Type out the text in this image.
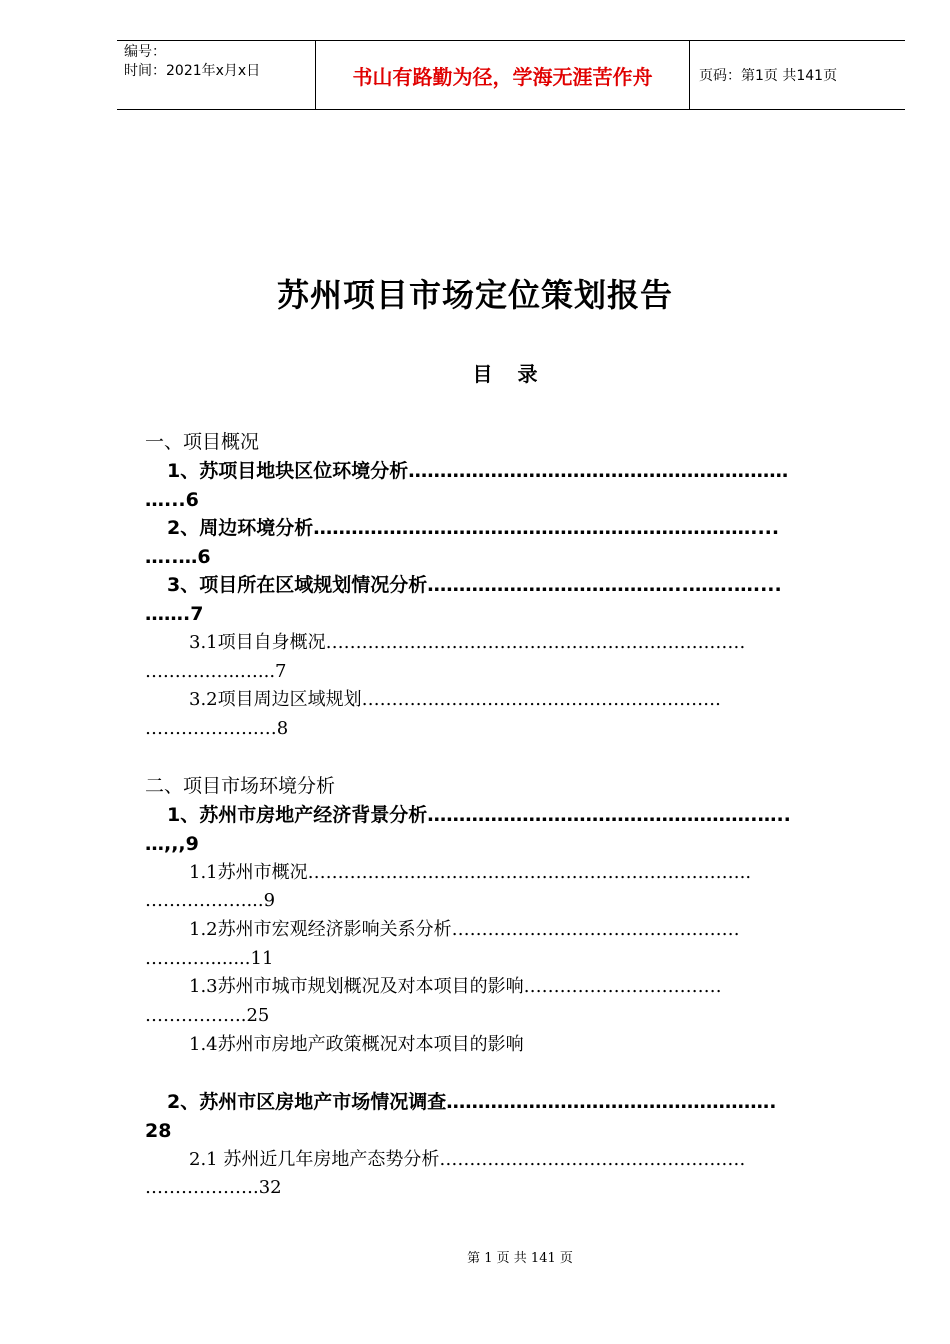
编号：
时间：2021年x月x日	书山有路勤为径，学海无涯苦作舟	页码：第1页 共141页
苏州项目市场定位策划报告
目 录
一、项目概况
1、苏项目地块区位环境分析……………………………………………………
…...6
2、周边环境分析……………………………………………………………....
…..…6
3、项目所在区域规划情况分析…………………………………..…….…....
…….7
3.1项目自身概况……………………………………………………….……
….…….…..…...7
3.2项目周边区域规划………….…….………………………………….
……………….…8
二、项目市场环境分析
1、苏州市房地产经济背景分析…………………………………………….…..
…,,,9
1.1苏州市概况………………………………………………………………..
………….…....9
1.2苏州市宏观经济影响关系分析…………………………………………
…….…........11
1.3苏州市城市规划概况及对本项目的影响……………………………
……………..25
1.4苏州市房地产政策概况对本项目的影响
2、苏州市区房地产市场情况调查…………………………………………….
28
2.1 苏州近几年房地产态势分析……………………………………………
……………….32
第 1 页 共 141 页
